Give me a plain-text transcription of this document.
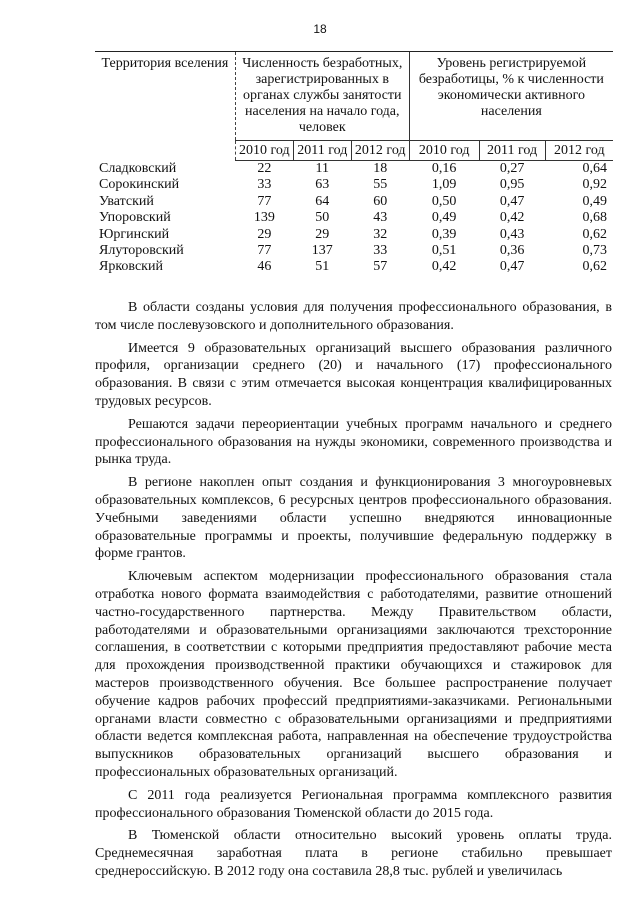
18
Территория вселения	Численность безработных, зарегистрированных в органах службы занятости населения на начало года, человек			Уровень регистрируемой безработицы, % к численности экономически активного населения		
	2010 год	2011 год	2012 год	2010 год	2011 год	2012 год
Сладковский	22	11	18	0,16	0,27	0,64
Сорокинский	33	63	55	1,09	0,95	0,92
Уватский	77	64	60	0,50	0,47	0,49
Упоровский	139	50	43	0,49	0,42	0,68
Юргинский	29	29	32	0,39	0,43	0,62
Ялуторовский	77	137	33	0,51	0,36	0,73
Ярковский	46	51	57	0,42	0,47	0,62

В области созданы условия для получения профессионального образования, в том числе послевузовского и дополнительного образования.

Имеется 9 образовательных организаций высшего образования различного профиля, организации среднего (20) и начального (17) профессионального образования. В связи с этим отмечается высокая концентрация квалифицированных трудовых ресурсов.

Решаются задачи переориентации учебных программ начального и среднего профессионального образования на нужды экономики, современного производства и рынка труда.

В регионе накоплен опыт создания и функционирования 3 многоуровневых образовательных комплексов, 6 ресурсных центров профессионального образования. Учебными заведениями области успешно внедряются инновационные образовательные программы и проекты, получившие федеральную поддержку в форме грантов.

Ключевым аспектом модернизации профессионального образования стала отработка нового формата взаимодействия с работодателями, развитие отношений частно-государственного партнерства. Между Правительством области, работодателями и образовательными организациями заключаются трехсторонние соглашения, в соответствии с которыми предприятия предоставляют рабочие места для прохождения производственной практики обучающихся и стажировок для мастеров производственного обучения. Все большее распространение получает обучение кадров рабочих профессий предприятиями-заказчиками. Региональными органами власти совместно с образовательными организациями и предприятиями области ведется комплексная работа, направленная на обеспечение трудоустройства выпускников образовательных организаций высшего образования и профессиональных образовательных организаций.

С 2011 года реализуется Региональная программа комплексного развития профессионального образования Тюменской области до 2015 года.

В Тюменской области относительно высокий уровень оплаты труда. Среднемесячная заработная плата в регионе стабильно превышает среднероссийскую. В 2012 году она составила 28,8 тыс. рублей и увеличилась
